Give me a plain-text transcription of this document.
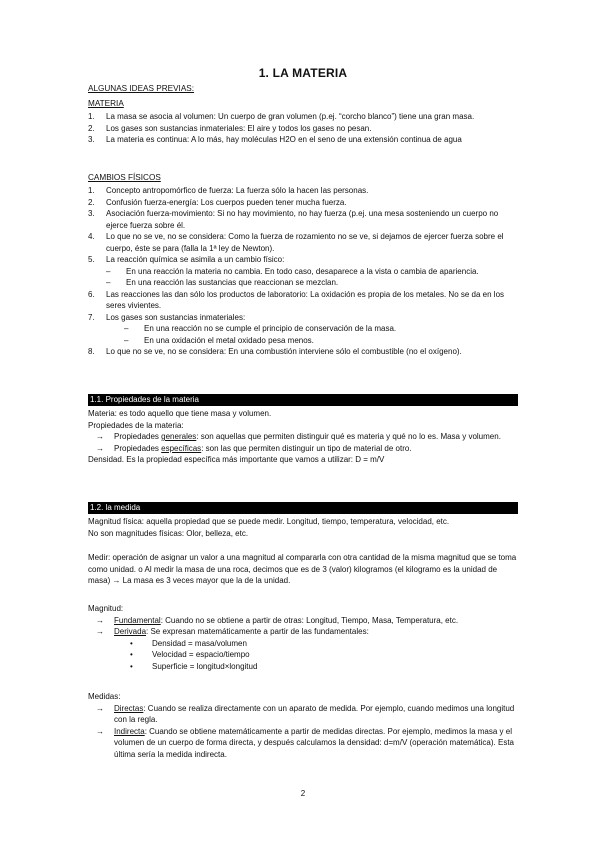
1. LA MATERIA
ALGUNAS IDEAS PREVIAS:
MATERIA
1.	La masa se asocia al volumen: Un cuerpo de gran volumen (p.ej. “corcho blanco”) tiene una gran masa.
2.	Los gases son sustancias inmateriales: El aire y todos los gases no pesan.
3.	La materia es continua: A lo más, hay moléculas H2O en el seno de una extensión continua de agua
CAMBIOS FÍSICOS
1.	Concepto antropomórfico de fuerza: La fuerza sólo la hacen las personas.
2.	Confusión fuerza-energía: Los cuerpos pueden tener mucha fuerza.
3.	Asociación fuerza-movimiento: Si no hay movimiento, no hay fuerza (p.ej. una mesa sosteniendo un cuerpo no ejerce fuerza sobre él.
4.	Lo que no se ve, no se considera: Como la fuerza de rozamiento no se ve, si dejamos de ejercer fuerza sobre el cuerpo, éste se para (falla la 1ª ley de Newton).
5.	La reacción química se asimila a un cambio físico:
–	En una reacción la materia no cambia. En todo caso, desaparece a la vista o cambia de apariencia.
–	En una reacción las sustancias que reaccionan se mezclan.
6.	Las reacciones las dan sólo los productos de laboratorio: La oxidación es propia de los metales. No se da en los seres vivientes.
7.	Los gases son sustancias inmateriales:
–	En una reacción no se cumple el principio de conservación de la masa.
–	En una oxidación el metal oxidado pesa menos.
8.	Lo que no se ve, no se considera: En una combustión interviene sólo el combustible (no el oxígeno).
1.1. Propiedades de la materia
Materia: es todo aquello que tiene masa y volumen.
Propiedades de la materia:
→	Propiedades generales: son aquellas que permiten distinguir qué es materia y qué no lo es. Masa y volumen.
→	Propiedades específicas: son las que permiten distinguir un tipo de material de otro.
Densidad. Es la propiedad específica más importante que vamos a utilizar: D = m/V
1.2. la medida
Magnitud física: aquella propiedad que se puede medir. Longitud, tiempo, temperatura, velocidad, etc.
No son magnitudes físicas: Olor, belleza, etc.
Medir: operación de asignar un valor a una magnitud al compararla con otra cantidad de la misma magnitud que se toma como unidad. o Al medir la masa de una roca, decimos que es de 3 (valor) kilogramos (el kilogramo es la unidad de masa) → La masa es 3 veces mayor que la de la unidad.
Magnitud:
→	Fundamental: Cuando no se obtiene a partir de otras: Longitud, Tiempo, Masa, Temperatura, etc.
→	Derivada: Se expresan matemáticamente a partir de las fundamentales:
•	Densidad = masa/volumen
•	Velocidad = espacio/tiempo
•	Superficie = longitud×longitud
Medidas:
→	Directas: Cuando se realiza directamente con un aparato de medida. Por ejemplo, cuando medimos una longitud con la regla.
→	Indirecta: Cuando se obtiene matemáticamente a partir de medidas directas. Por ejemplo, medimos la masa y el volumen de un cuerpo de forma directa, y después calculamos la densidad: d=m/V (operación matemática). Esta última sería la medida indirecta.
2
